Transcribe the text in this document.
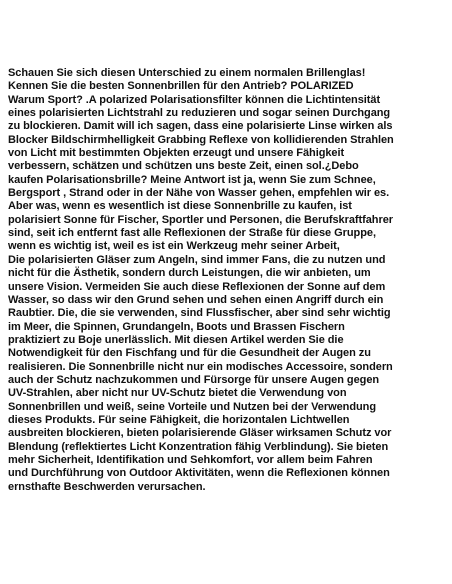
Schauen Sie sich diesen Unterschied zu einem normalen Brillenglas!
Kennen Sie die besten Sonnenbrillen für den Antrieb? POLARIZED
Warum Sport? .A polarized Polarisationsfilter können die Lichtintensität
eines polarisierten Lichtstrahl zu reduzieren und sogar seinen Durchgang
zu blockieren. Damit will ich sagen, dass eine polarisierte Linse wirken als
Blocker Bildschirmhelligkeit Grabbing Reflexe von kollidierenden Strahlen
von Licht mit bestimmten Objekten erzeugt und unsere Fähigkeit
verbessern, schätzen und schützen uns beste Zeit, einen sol.¿Debo
kaufen Polarisationsbrille? Meine Antwort ist ja, wenn Sie zum Schnee,
Bergsport , Strand oder in der Nähe von Wasser gehen, empfehlen wir es.
Aber was, wenn es wesentlich ist diese Sonnenbrille zu kaufen, ist
polarisiert Sonne für Fischer, Sportler und Personen, die Berufskraftfahrer
sind, seit ich entfernt fast alle Reflexionen der Straße für diese Gruppe,
wenn es wichtig ist, weil es ist ein Werkzeug mehr seiner Arbeit,
Die polarisierten Gläser zum Angeln, sind immer Fans, die zu nutzen und
nicht für die Ästhetik, sondern durch Leistungen, die wir anbieten, um
unsere Vision. Vermeiden Sie auch diese Reflexionen der Sonne auf dem
Wasser, so dass wir den Grund sehen und sehen einen Angriff durch ein
Raubtier. Die, die sie verwenden, sind Flussfischer, aber sind sehr wichtig
im Meer, die Spinnen, Grundangeln, Boots und Brassen Fischern
praktiziert zu Boje unerlässlich. Mit diesen Artikel werden Sie die
Notwendigkeit für den Fischfang und für die Gesundheit der Augen zu
realisieren. Die Sonnenbrille nicht nur ein modisches Accessoire, sondern
auch der Schutz nachzukommen und Fürsorge für unsere Augen gegen
UV-Strahlen, aber nicht nur UV-Schutz bietet die Verwendung von
Sonnenbrillen und weiß, seine Vorteile und Nutzen bei der Verwendung
dieses Produkts. Für seine Fähigkeit, die horizontalen Lichtwellen
ausbreiten blockieren, bieten polarisierende Gläser wirksamen Schutz vor
Blendung (reflektiertes Licht Konzentration fähig Verblindung). Sie bieten
mehr Sicherheit, Identifikation und Sehkomfort, vor allem beim Fahren
und Durchführung von Outdoor Aktivitäten, wenn die Reflexionen können
ernsthafte Beschwerden verursachen.
